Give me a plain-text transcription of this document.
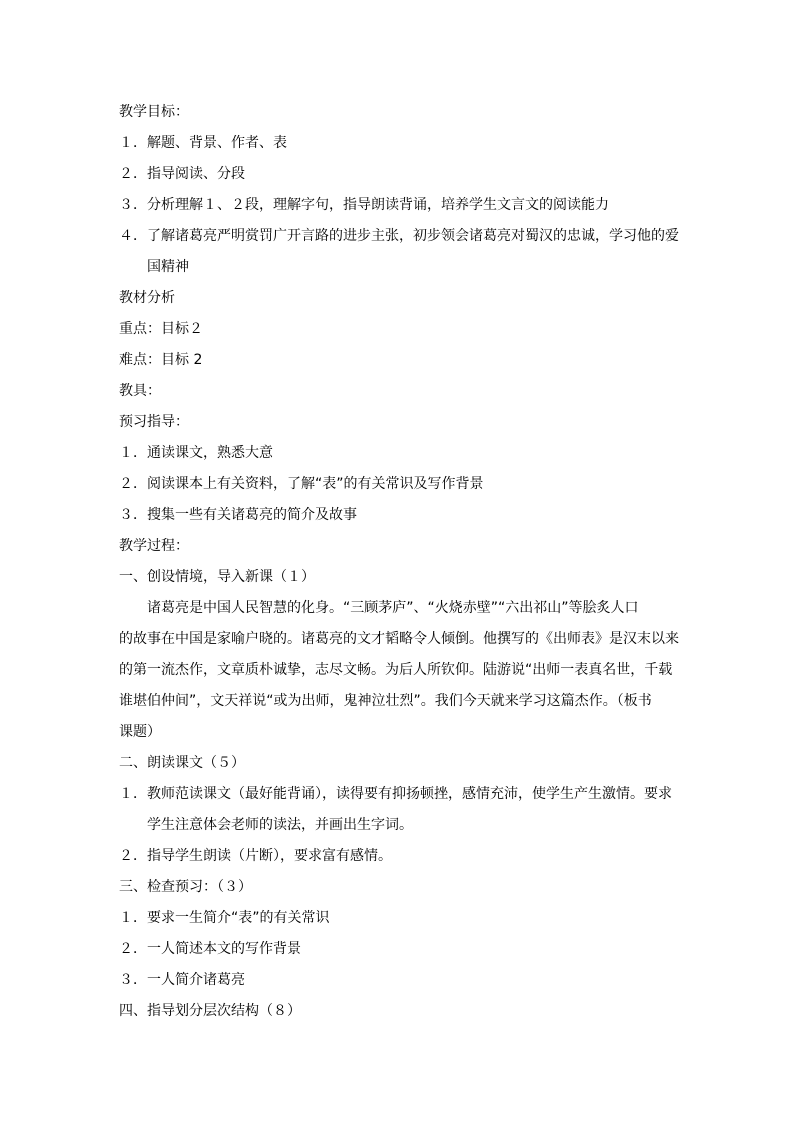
教学目标：
１．解题、背景、作者、表
２．指导阅读、分段
３．分析理解１、２段，理解字句，指导朗读背诵，培养学生文言文的阅读能力
４．了解诸葛亮严明赏罚广开言路的进步主张，初步领会诸葛亮对蜀汉的忠诚，学习他的爱
国精神
教材分析
重点：目标２
难点：目标 2
教具：
预习指导：
１．通读课文，熟悉大意
２．阅读课本上有关资料，了解“表”的有关常识及写作背景
３．搜集一些有关诸葛亮的简介及故事
教学过程：
一、创设情境，导入新课（１）
诸葛亮是中国人民智慧的化身。“三顾茅庐”、“火烧赤壁”“六出祁山”等脍炙人口
的故事在中国是家喻户晓的。诸葛亮的文才韬略令人倾倒。他撰写的《出师表》是汉末以来
的第一流杰作，文章质朴诚挚，志尽文畅。为后人所钦仰。陆游说“出师一表真名世，千载
谁堪伯仲间”，文天祥说“或为出师，鬼神泣壮烈”。我们今天就来学习这篇杰作。（板书
课题）
二、朗读课文（５）
１．教师范读课文（最好能背诵），读得要有抑扬顿挫，感情充沛，使学生产生激情。要求
学生注意体会老师的读法，并画出生字词。
２．指导学生朗读（片断），要求富有感情。
三、检查预习：（３）
１．要求一生简介“表”的有关常识
２．一人简述本文的写作背景
３．一人简介诸葛亮
四、指导划分层次结构（８）
